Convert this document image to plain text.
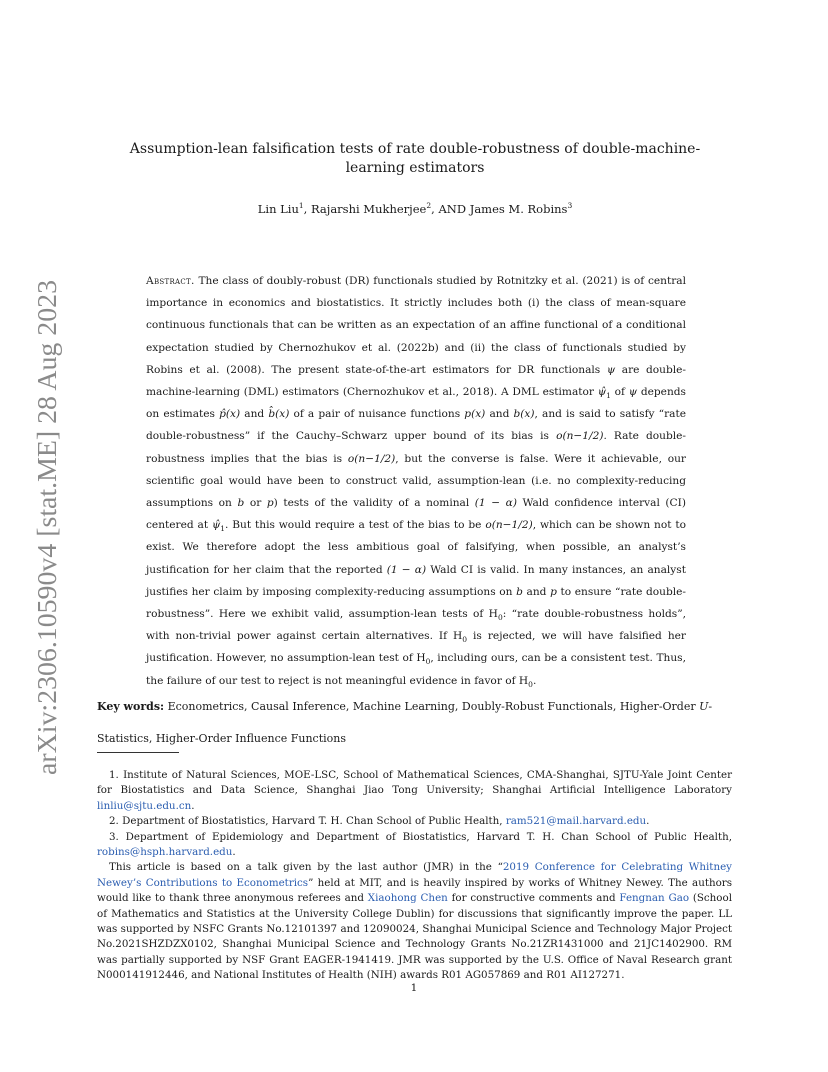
arXiv:2306.10590v4 [stat.ME] 28 Aug 2023
Assumption-lean falsification tests of rate double-robustness of double-machine-learning estimators
Lin Liu$^1$, Rajarshi Mukherjee$^2$, AND James M. Robins$^3$
Abstract. The class of doubly-robust (DR) functionals studied by Rotnitzky et al. (2021) is of central importance in economics and biostatistics. It strictly includes both (i) the class of mean-square continuous functionals that can be written as an expectation of an affine functional of a conditional expectation studied by Chernozhukov et al. (2022b) and (ii) the class of functionals studied by Robins et al. (2008). The present state-of-the-art estimators for DR functionals ψ are double-machine-learning (DML) estimators (Chernozhukov et al., 2018). A DML estimator $\psî_1$ of ψ depends on estimates p̂(x) and b̂(x) of a pair of nuisance functions p(x) and b(x), and is said to satisfy “rate double-robustness” if the Cauchy–Schwarz upper bound of its bias is o(n−1/2). Rate double-robustness implies that the bias is o(n−1/2), but the converse is false. Were it achievable, our scientific goal would have been to construct valid, assumption-lean (i.e. no complexity-reducing assumptions on b or p) tests of the validity of a nominal (1 − α) Wald confidence interval (CI) centered at $\psî_1$. But this would require a test of the bias to be o(n−1/2), which can be shown not to exist. We therefore adopt the less ambitious goal of falsifying, when possible, an analyst’s justification for her claim that the reported (1 − α) Wald CI is valid. In many instances, an analyst justifies her claim by imposing complexity-reducing assumptions on b and p to ensure “rate double-robustness”. Here we exhibit valid, assumption-lean tests of $H_0$: “rate double-robustness holds”, with non-trivial power against certain alternatives. If $H_0$ is rejected, we will have falsified her justification. However, no assumption-lean test of $H_0$, including ours, can be a consistent test. Thus, the failure of our test to reject is not meaningful evidence in favor of $H_0$.
Key words: Econometrics, Causal Inference, Machine Learning, Doubly-Robust Functionals, Higher-Order U-Statistics, Higher-Order Influence Functions

1. Institute of Natural Sciences, MOE-LSC, School of Mathematical Sciences, CMA-Shanghai, SJTU-Yale Joint Center for Biostatistics and Data Science, Shanghai Jiao Tong University; Shanghai Artificial Intelligence Laboratory linliu@sjtu.edu.cn.

2. Department of Biostatistics, Harvard T. H. Chan School of Public Health, ram521@mail.harvard.edu.

3. Department of Epidemiology and Department of Biostatistics, Harvard T. H. Chan School of Public Health, robins@hsph.harvard.edu.

This article is based on a talk given by the last author (JMR) in the “2019 Conference for Celebrating Whitney Newey’s Contributions to Econometrics” held at MIT, and is heavily inspired by works of Whitney Newey. The authors would like to thank three anonymous referees and Xiaohong Chen for constructive comments and Fengnan Gao (School of Mathematics and Statistics at the University College Dublin) for discussions that significantly improve the paper. LL was supported by NSFC Grants No.12101397 and 12090024, Shanghai Municipal Science and Technology Major Project No.2021SHZDZX0102, Shanghai Municipal Science and Technology Grants No.21ZR1431000 and 21JC1402900. RM was partially supported by NSF Grant EAGER-1941419. JMR was supported by the U.S. Office of Naval Research grant N000141912446, and National Institutes of Health (NIH) awards R01 AG057869 and R01 AI127271.

1
